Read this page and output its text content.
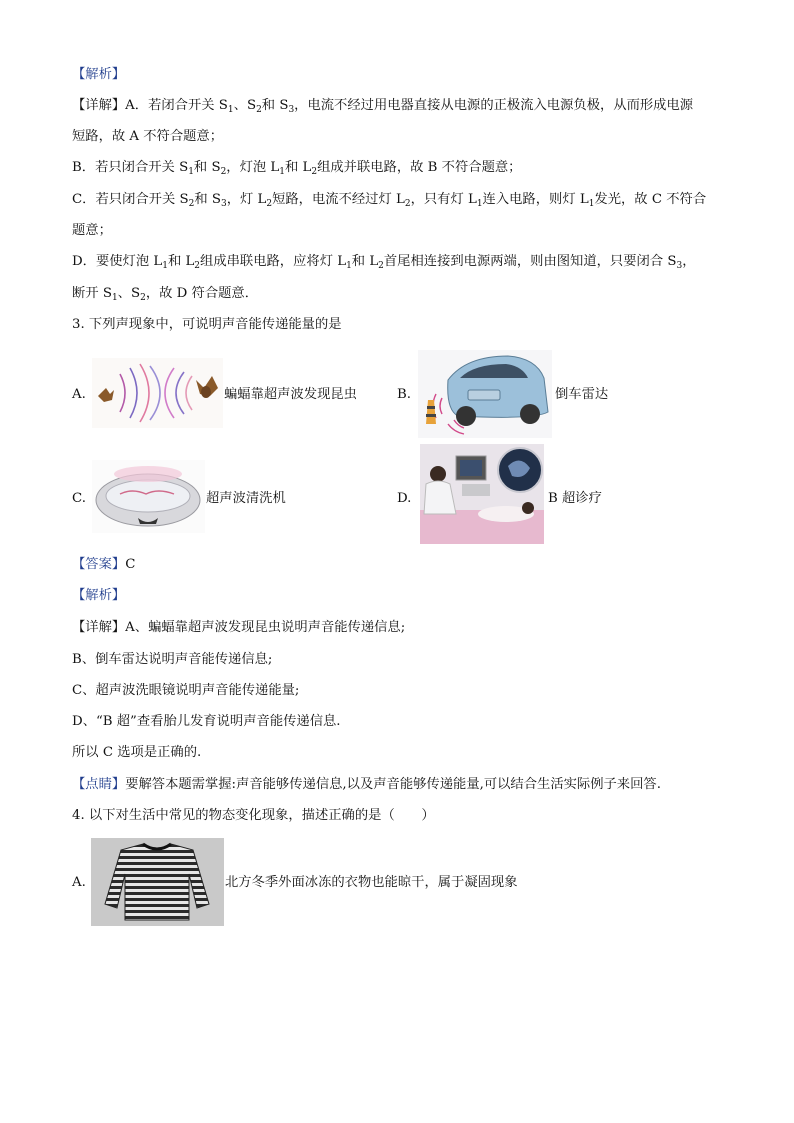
【解析】
【详解】A．若闭合开关 $S_1$、$S_2$和 $S_3$，电流不经过用电器直接从电源的正极流入电源负极，从而形成电源
短路，故 A 不符合题意；
B．若只闭合开关 $S_1$和 $S_2$，灯泡 $L_1$和 $L_2$组成并联电路，故 B 不符合题意；
C．若只闭合开关 $S_2$和 $S_3$，灯 $L_2$短路，电流不经过灯 $L_2$，只有灯 $L_1$连入电路，则灯 $L_1$发光，故 C 不符合
题意；
D．要使灯泡 $L_1$和 $L_2$组成串联电路，应将灯 $L_1$和 $L_2$首尾相连接到电源两端，则由图知道，只要闭合 $S_3$，
断开 $S_1$、$S_2$，故 D 符合题意．
3. 下列声现象中，可说明声音能传递能量的是
A.	蝙蝠靠超声波发现昆虫	B.	倒车雷达
C.	超声波清洗机	D.	B 超诊疗
【答案】C
【解析】
【详解】A、蝙蝠靠超声波发现昆虫说明声音能传递信息;
B、倒车雷达说明声音能传递信息;
C、超声波洗眼镜说明声音能传递能量;
D、“B 超”查看胎儿发育说明声音能传递信息.
所以 C 选项是正确的.
【点睛】要解答本题需掌握:声音能够传递信息,以及声音能够传递能量,可以结合生活实际例子来回答.
4. 以下对生活中常见的物态变化现象，描述正确的是（　　）
A.	北方冬季外面冰冻的衣物也能晾干，属于凝固现象
